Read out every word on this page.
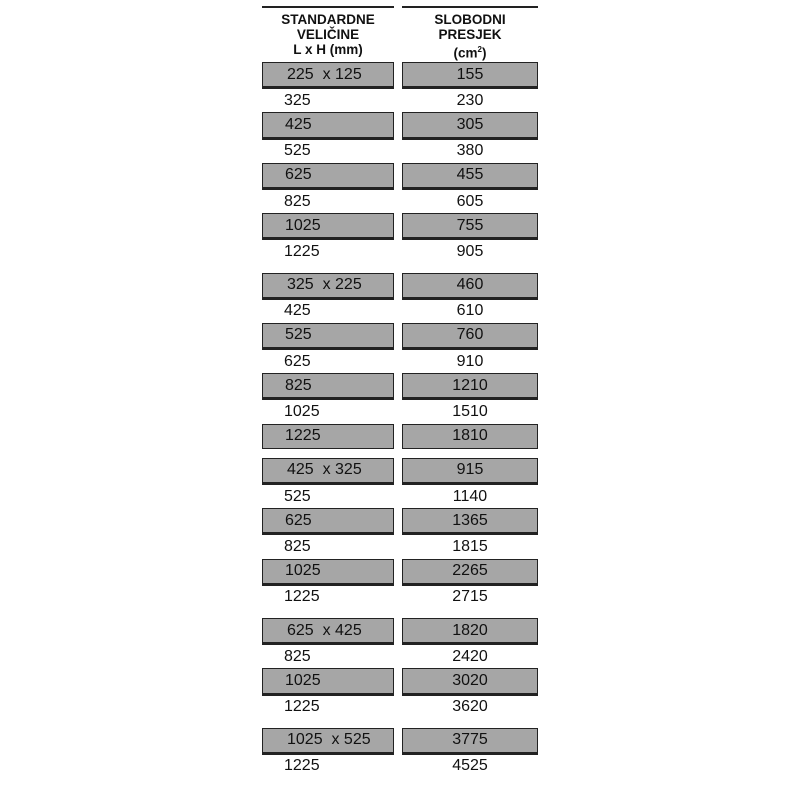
STANDARDNE
VELIČINE
L x H (mm)
225  x 125
325
425
525
625
825
1025
1225
325  x 225
425
525
625
825
1025
1225
425  x 325
525
625
825
1025
1225
625  x 425
825
1025
1225
1025  x 525
1225
SLOBODNI
PRESJEK
$(cm^2)$
155
230
305
380
455
605
755
905
460
610
760
910
1210
1510
1810
915
1140
1365
1815
2265
2715
1820
2420
3020
3620
3775
4525
